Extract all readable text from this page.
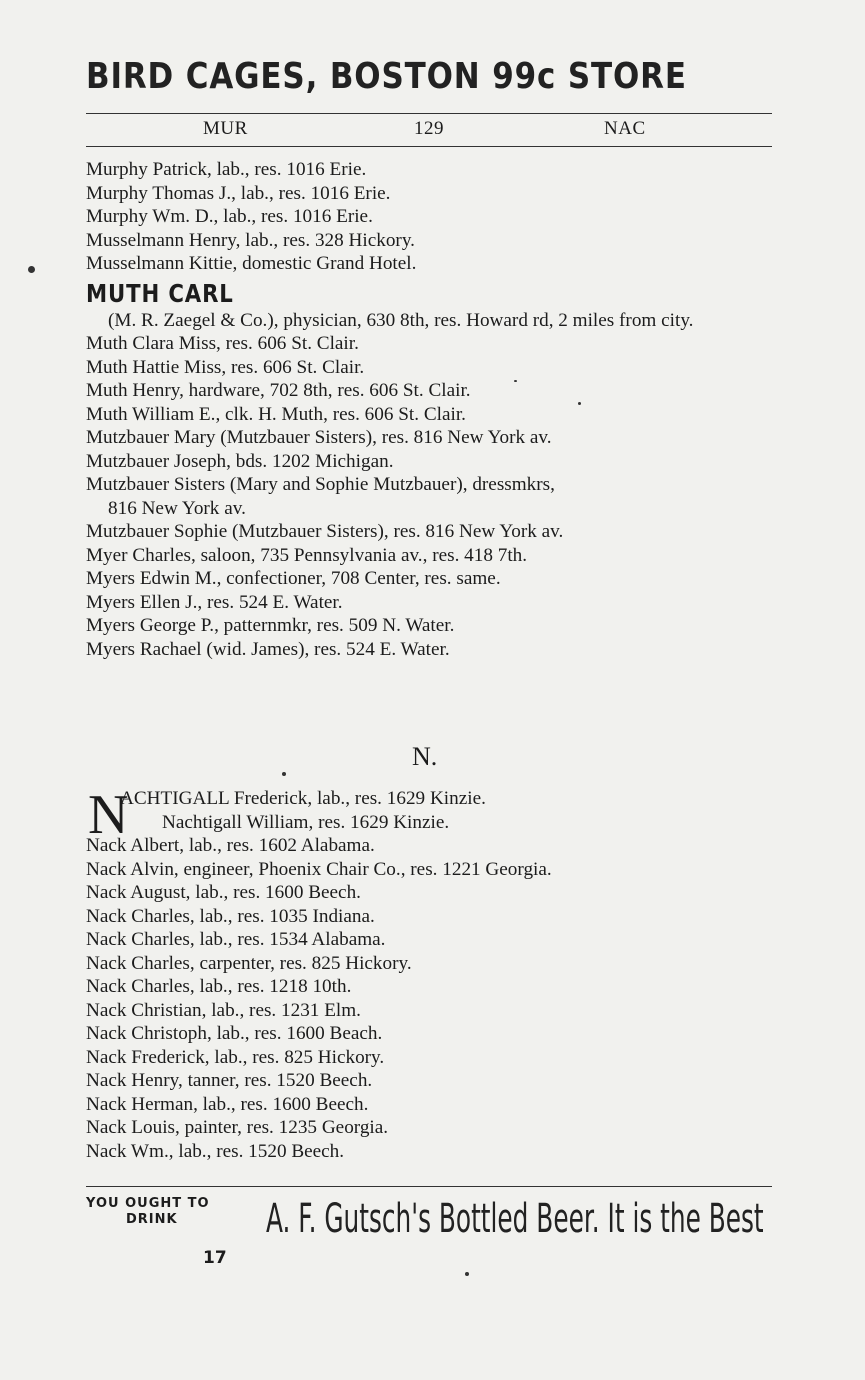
BIRD CAGES, BOSTON 99c STORE
MUR	129	NAC
Murphy Patrick, lab., res. 1016 Erie.
Murphy Thomas J., lab., res. 1016 Erie.
Murphy Wm. D., lab., res. 1016 Erie.
Musselmann Henry, lab., res. 328 Hickory.
Musselmann Kittie, domestic Grand Hotel.
MUTH CARL
(M. R. Zaegel & Co.), physician, 630 8th, res. Howard rd, 2 miles from city.
Muth Clara Miss, res. 606 St. Clair.
Muth Hattie Miss, res. 606 St. Clair.
Muth Henry, hardware, 702 8th, res. 606 St. Clair.
Muth William E., clk. H. Muth, res. 606 St. Clair.
Mutzbauer Mary (Mutzbauer Sisters), res. 816 New York av.
Mutzbauer Joseph, bds. 1202 Michigan.
Mutzbauer Sisters (Mary and Sophie Mutzbauer), dressmkrs,
816 New York av.
Mutzbauer Sophie (Mutzbauer Sisters), res. 816 New York av.
Myer Charles, saloon, 735 Pennsylvania av., res. 418 7th.
Myers Edwin M., confectioner, 708 Center, res. same.
Myers Ellen J., res. 524 E. Water.
Myers George P., patternmkr, res. 509 N. Water.
Myers Rachael (wid. James), res. 524 E. Water.
N.
N
ACHTIGALL Frederick, lab., res. 1629 Kinzie.
Nachtigall William, res. 1629 Kinzie.
Nack Albert, lab., res. 1602 Alabama.
Nack Alvin, engineer, Phoenix Chair Co., res. 1221 Georgia.
Nack August, lab., res. 1600 Beech.
Nack Charles, lab., res. 1035 Indiana.
Nack Charles, lab., res. 1534 Alabama.
Nack Charles, carpenter, res. 825 Hickory.
Nack Charles, lab., res. 1218 10th.
Nack Christian, lab., res. 1231 Elm.
Nack Christoph, lab., res. 1600 Beach.
Nack Frederick, lab., res. 825 Hickory.
Nack Henry, tanner, res. 1520 Beech.
Nack Herman, lab., res. 1600 Beech.
Nack Louis, painter, res. 1235 Georgia.
Nack Wm., lab., res. 1520 Beech.
YOU OUGHT TO
DRINK	A. F. Gutsch's Bottled Beer. It is the Best
17
